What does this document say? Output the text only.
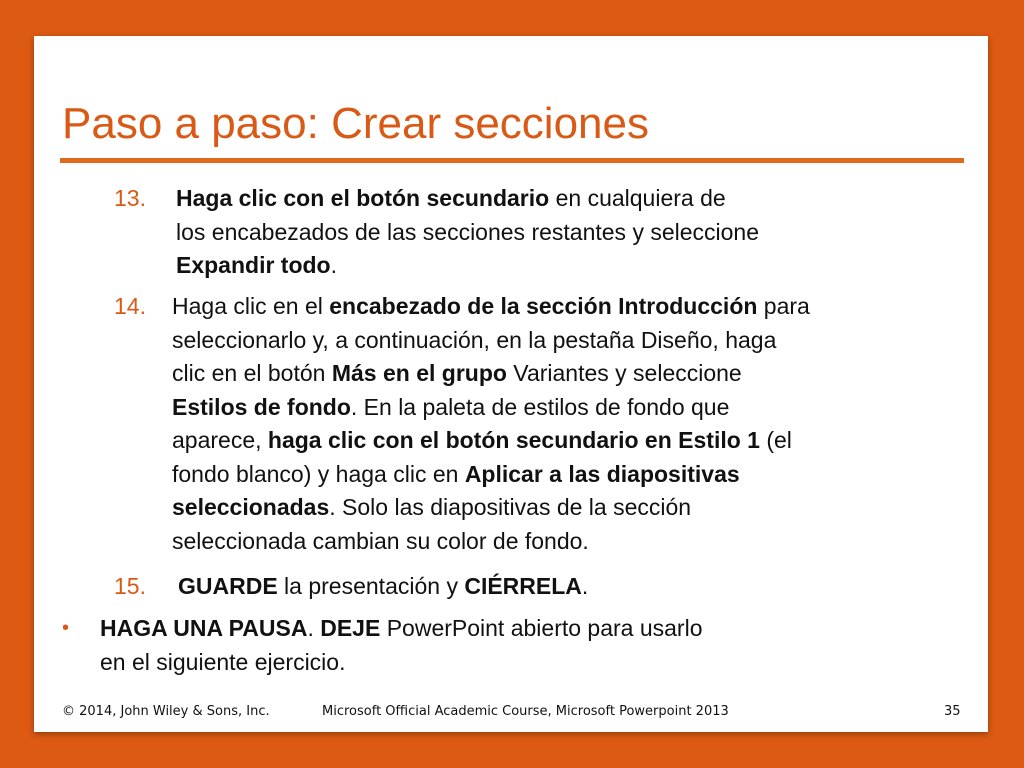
Paso a paso: Crear secciones
13. Haga clic con el botón secundario en cualquiera de
los encabezados de las secciones restantes y seleccione
Expandir todo.
14. Haga clic en el encabezado de la sección Introducción para
seleccionarlo y, a continuación, en la pestaña Diseño, haga
clic en el botón Más en el grupo Variantes y seleccione
Estilos de fondo. En la paleta de estilos de fondo que
aparece, haga clic con el botón secundario en Estilo 1 (el
fondo blanco) y haga clic en Aplicar a las diapositivas
seleccionadas. Solo las diapositivas de la sección
seleccionada cambian su color de fondo.
15. GUARDE la presentación y CIÉRRELA.
• HAGA UNA PAUSA. DEJE PowerPoint abierto para usarlo
en el siguiente ejercicio.
© 2014, John Wiley & Sons, Inc.	Microsoft Official Academic Course, Microsoft Powerpoint 2013	35
